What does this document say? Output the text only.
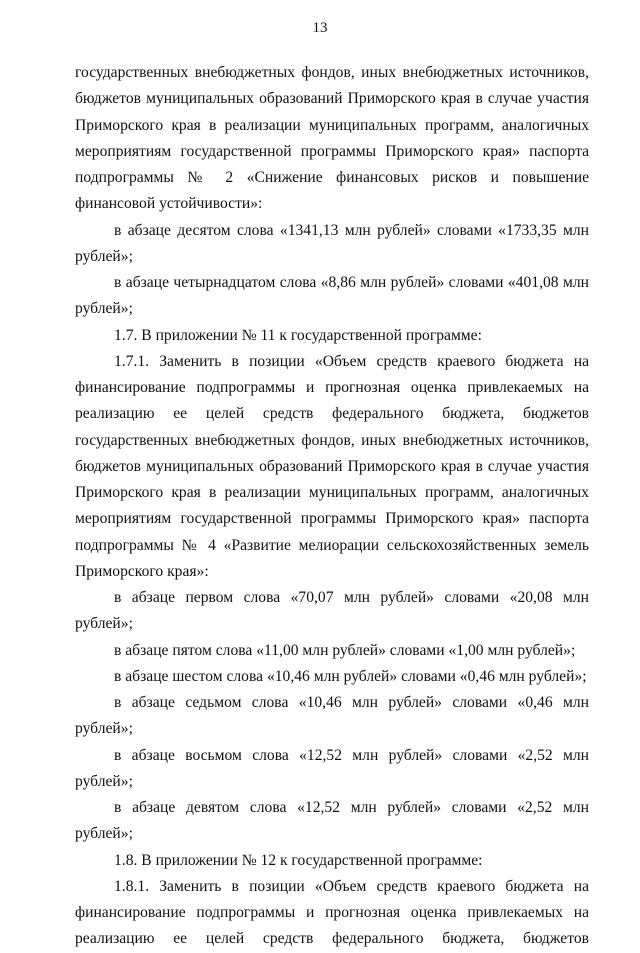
13

государственных внебюджетных фондов, иных внебюджетных источников, бюджетов муниципальных образований Приморского края в случае участия Приморского края в реализации муниципальных программ, аналогичных мероприятиям государственной программы Приморского края» паспорта подпрограммы № 2 «Снижение финансовых рисков и повышение финансовой устойчивости»:

в абзаце десятом слова «1341,13 млн рублей» словами «1733,35 млн рублей»;

в абзаце четырнадцатом слова «8,86 млн рублей» словами «401,08 млн рублей»;

1.7. В приложении № 11 к государственной программе:

1.7.1. Заменить в позиции «Объем средств краевого бюджета на финансирование подпрограммы и прогнозная оценка привлекаемых на реализацию ее целей средств федерального бюджета, бюджетов государственных внебюджетных фондов, иных внебюджетных источников, бюджетов муниципальных образований Приморского края в случае участия Приморского края в реализации муниципальных программ, аналогичных мероприятиям государственной программы Приморского края» паспорта подпрограммы № 4 «Развитие мелиорации сельскохозяйственных земель Приморского края»:

в абзаце первом слова «70,07 млн рублей» словами «20,08 млн рублей»;

в абзаце пятом слова «11,00 млн рублей» словами «1,00 млн рублей»;

в абзаце шестом слова «10,46 млн рублей» словами «0,46 млн рублей»;

в абзаце седьмом слова «10,46 млн рублей» словами «0,46 млн рублей»;

в абзаце восьмом слова «12,52 млн рублей» словами «2,52 млн рублей»;

в абзаце девятом слова «12,52 млн рублей» словами «2,52 млн рублей»;

1.8. В приложении № 12 к государственной программе:

1.8.1. Заменить в позиции «Объем средств краевого бюджета на финансирование подпрограммы и прогнозная оценка привлекаемых на реализацию ее целей средств федерального бюджета, бюджетов
